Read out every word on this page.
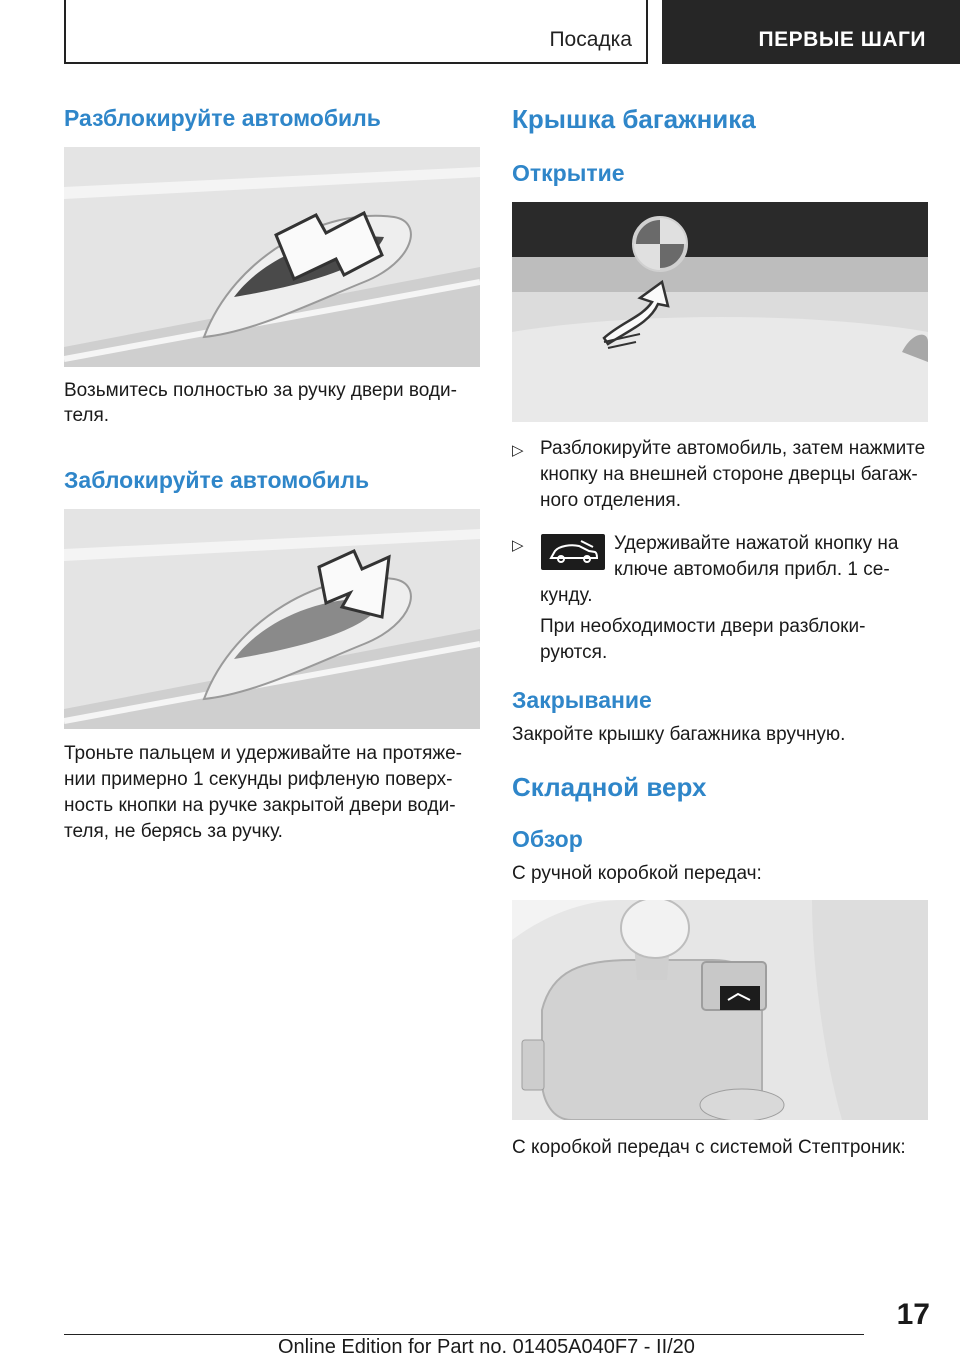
Посадка	ПЕРВЫЕ ШАГИ
Разблокируйте автомобиль

Возьмитесь полностью за ручку двери води-

теля.

Заблокируйте автомобиль

Троньте пальцем и удерживайте на протяже-

нии примерно 1 секунды рифленую поверх-

ность кнопки на ручке закрытой двери води-

теля, не берясь за ручку.

Крышка багажника
Открытие
▷ Разблокируйте автомобиль, затем нажмите

кнопку на внешней стороне дверцы багаж-

ного отделения.

▷	Удерживайте нажатой кнопку на

ключе автомобиля прибл. 1 се-

кунду.

При необходимости двери разблоки-

руются.

Закрывание

Закройте крышку багажника вручную.

Складной верх
Обзор

С ручной коробкой передач:

С коробкой передач с системой Стептроник:

17
Online Edition for Part no. 01405A040F7 - II/20
